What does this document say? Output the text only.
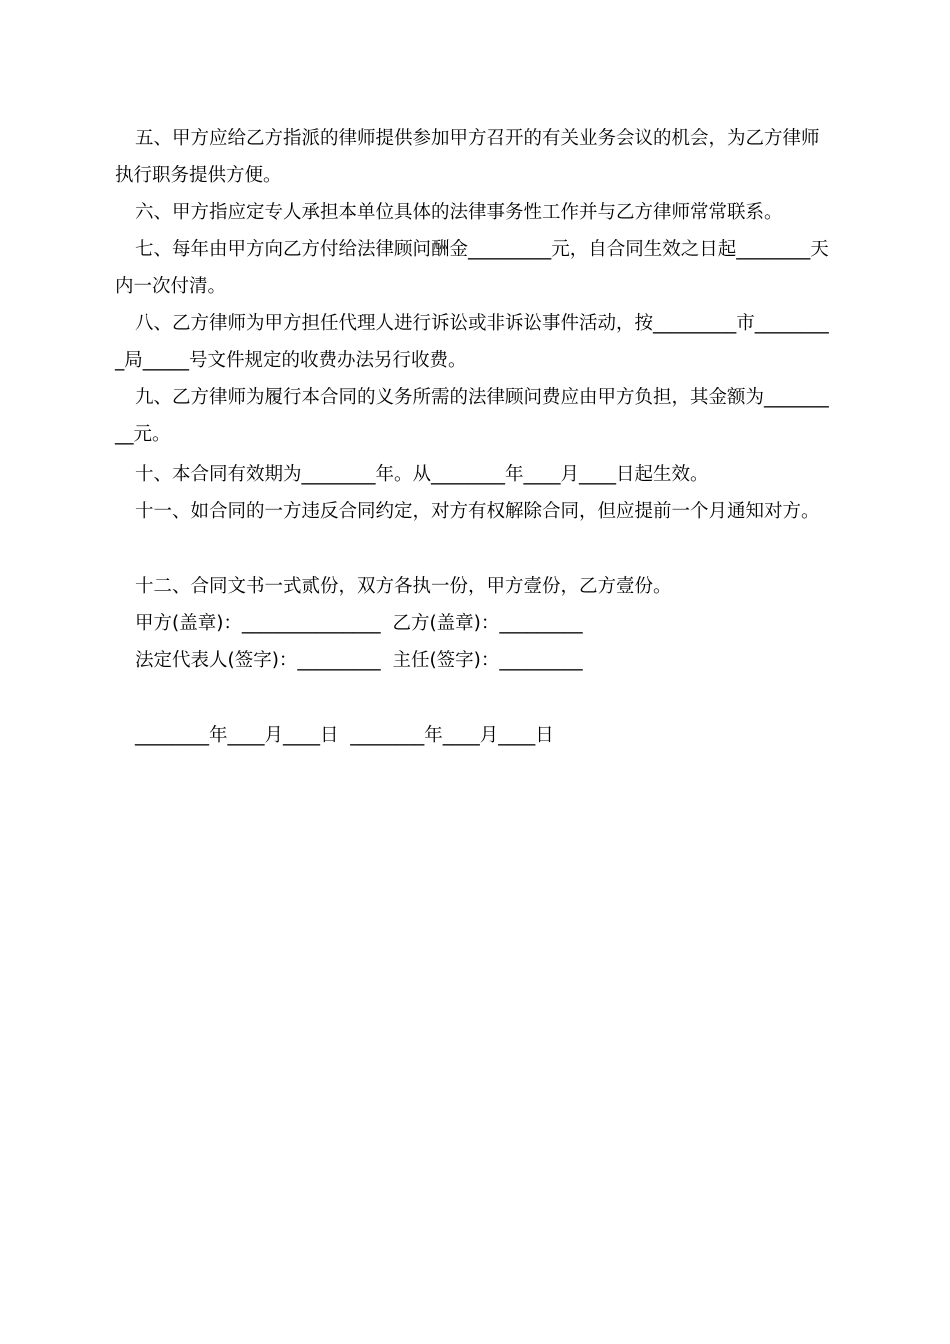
五、甲方应给乙方指派的律师提供参加甲方召开的有关业务会议的机会，为乙方律师执行职务提供方便。

六、甲方指应定专人承担本单位具体的法律事务性工作并与乙方律师常常联系。

七、每年由甲方向乙方付给法律顾问酬金_________元，自合同生效之日起________天内一次付清。

八、乙方律师为甲方担任代理人进行诉讼或非诉讼事件活动，按_________市_________局_____号文件规定的收费办法另行收费。

九、乙方律师为履行本合同的义务所需的法律顾问费应由甲方负担，其金额为_________元。

十、本合同有效期为________年。从________年____月____日起生效。

十一、如合同的一方违反合同约定，对方有权解除合同，但应提前一个月通知对方。

十二、合同文书一式贰份，双方各执一份，甲方壹份，乙方壹份。

甲方(盖章)：_______________  乙方(盖章)：_________

法定代表人(签字)：_________  主任(签字)：_________

________年____月____日  ________年____月____日
